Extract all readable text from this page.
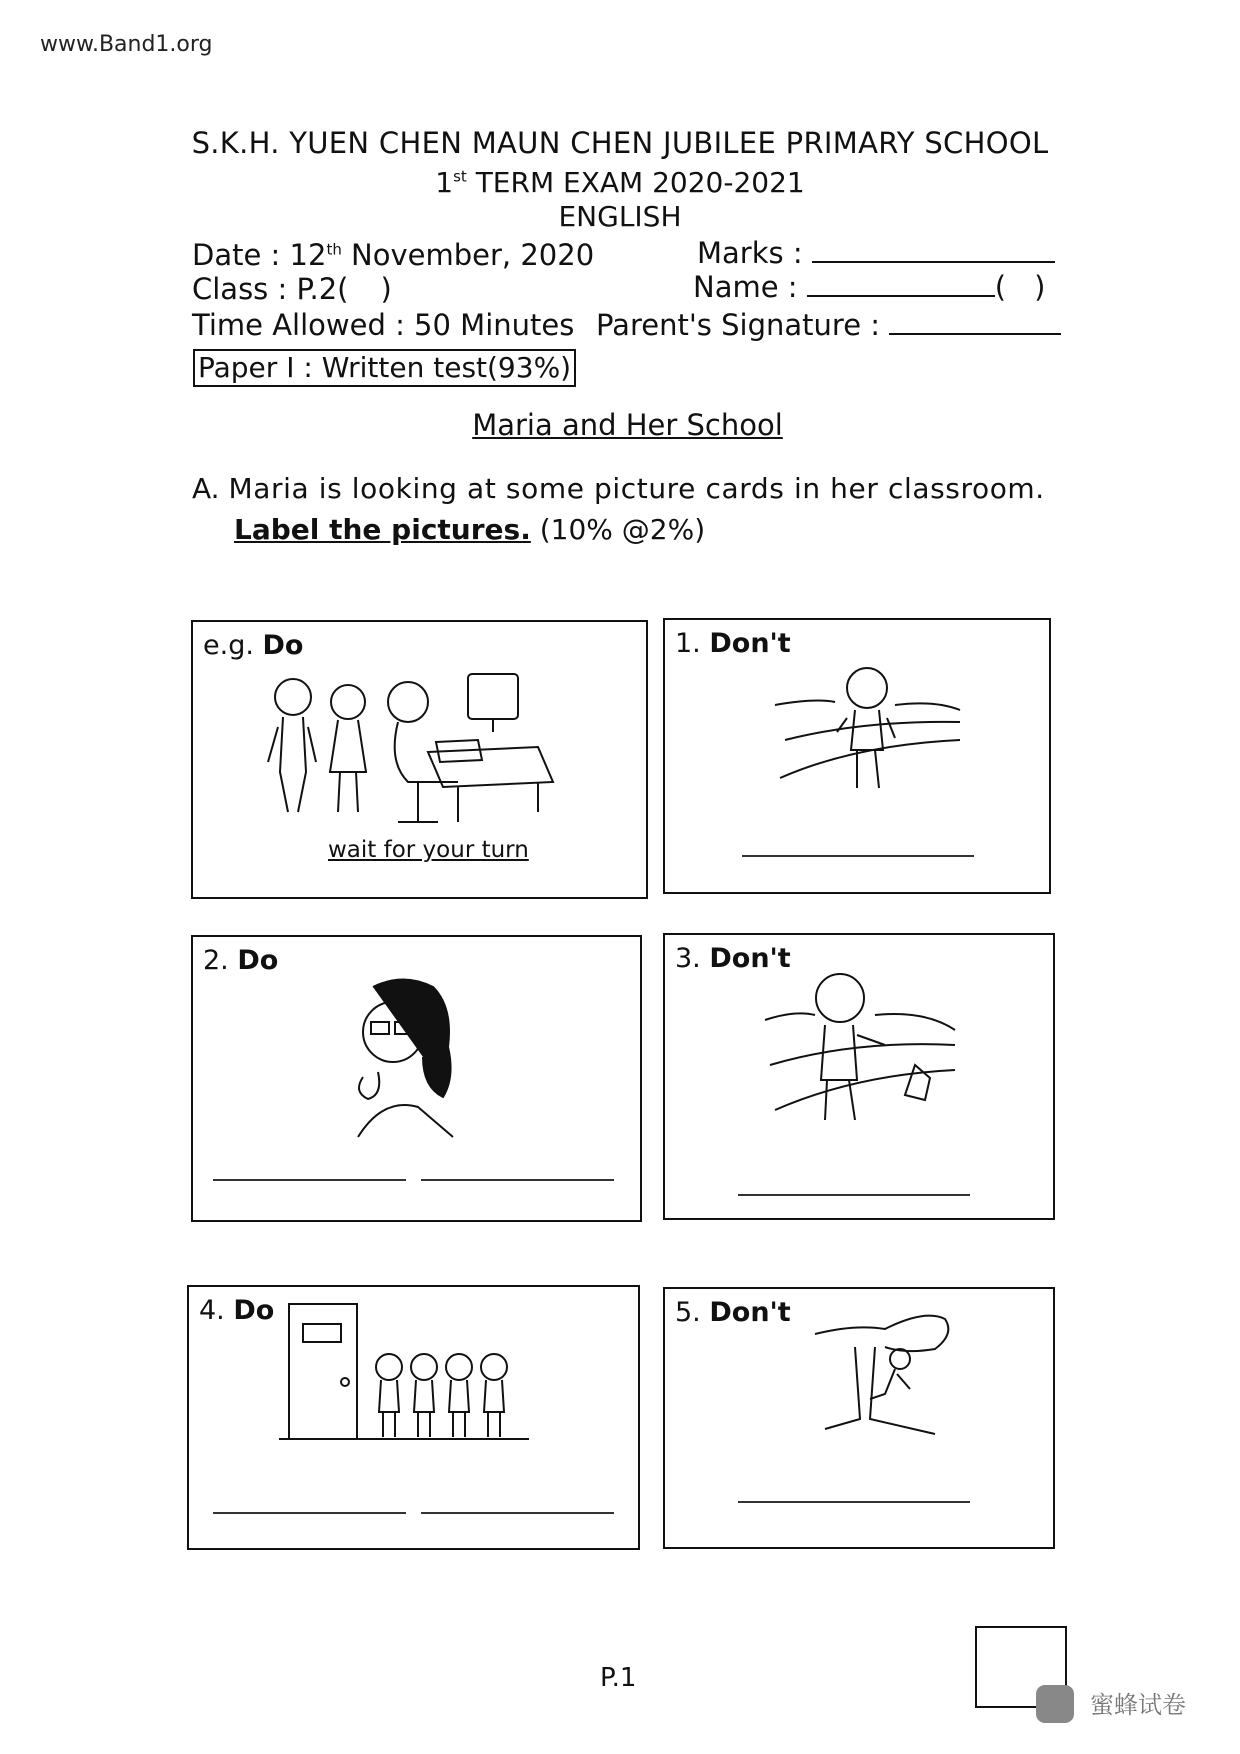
www.Band1.org
S.K.H. YUEN CHEN MAUN CHEN JUBILEE PRIMARY SCHOOL
1st TERM EXAM 2020-2021
ENGLISH
Date : 12th November, 2020	Marks :
Class : P.2( )	Name :	( )
Time Allowed : 50 Minutes Parent's Signature :
Paper I : Written test(93%)
Maria and Her School
A. Maria is looking at some picture cards in her classroom.
Label the pictures. (10% @2%)
e.g. Do
wait for your turn
1. Don't
2. Do	3. Don't
4. Do	5. Don't
P.1
蜜蜂试卷
